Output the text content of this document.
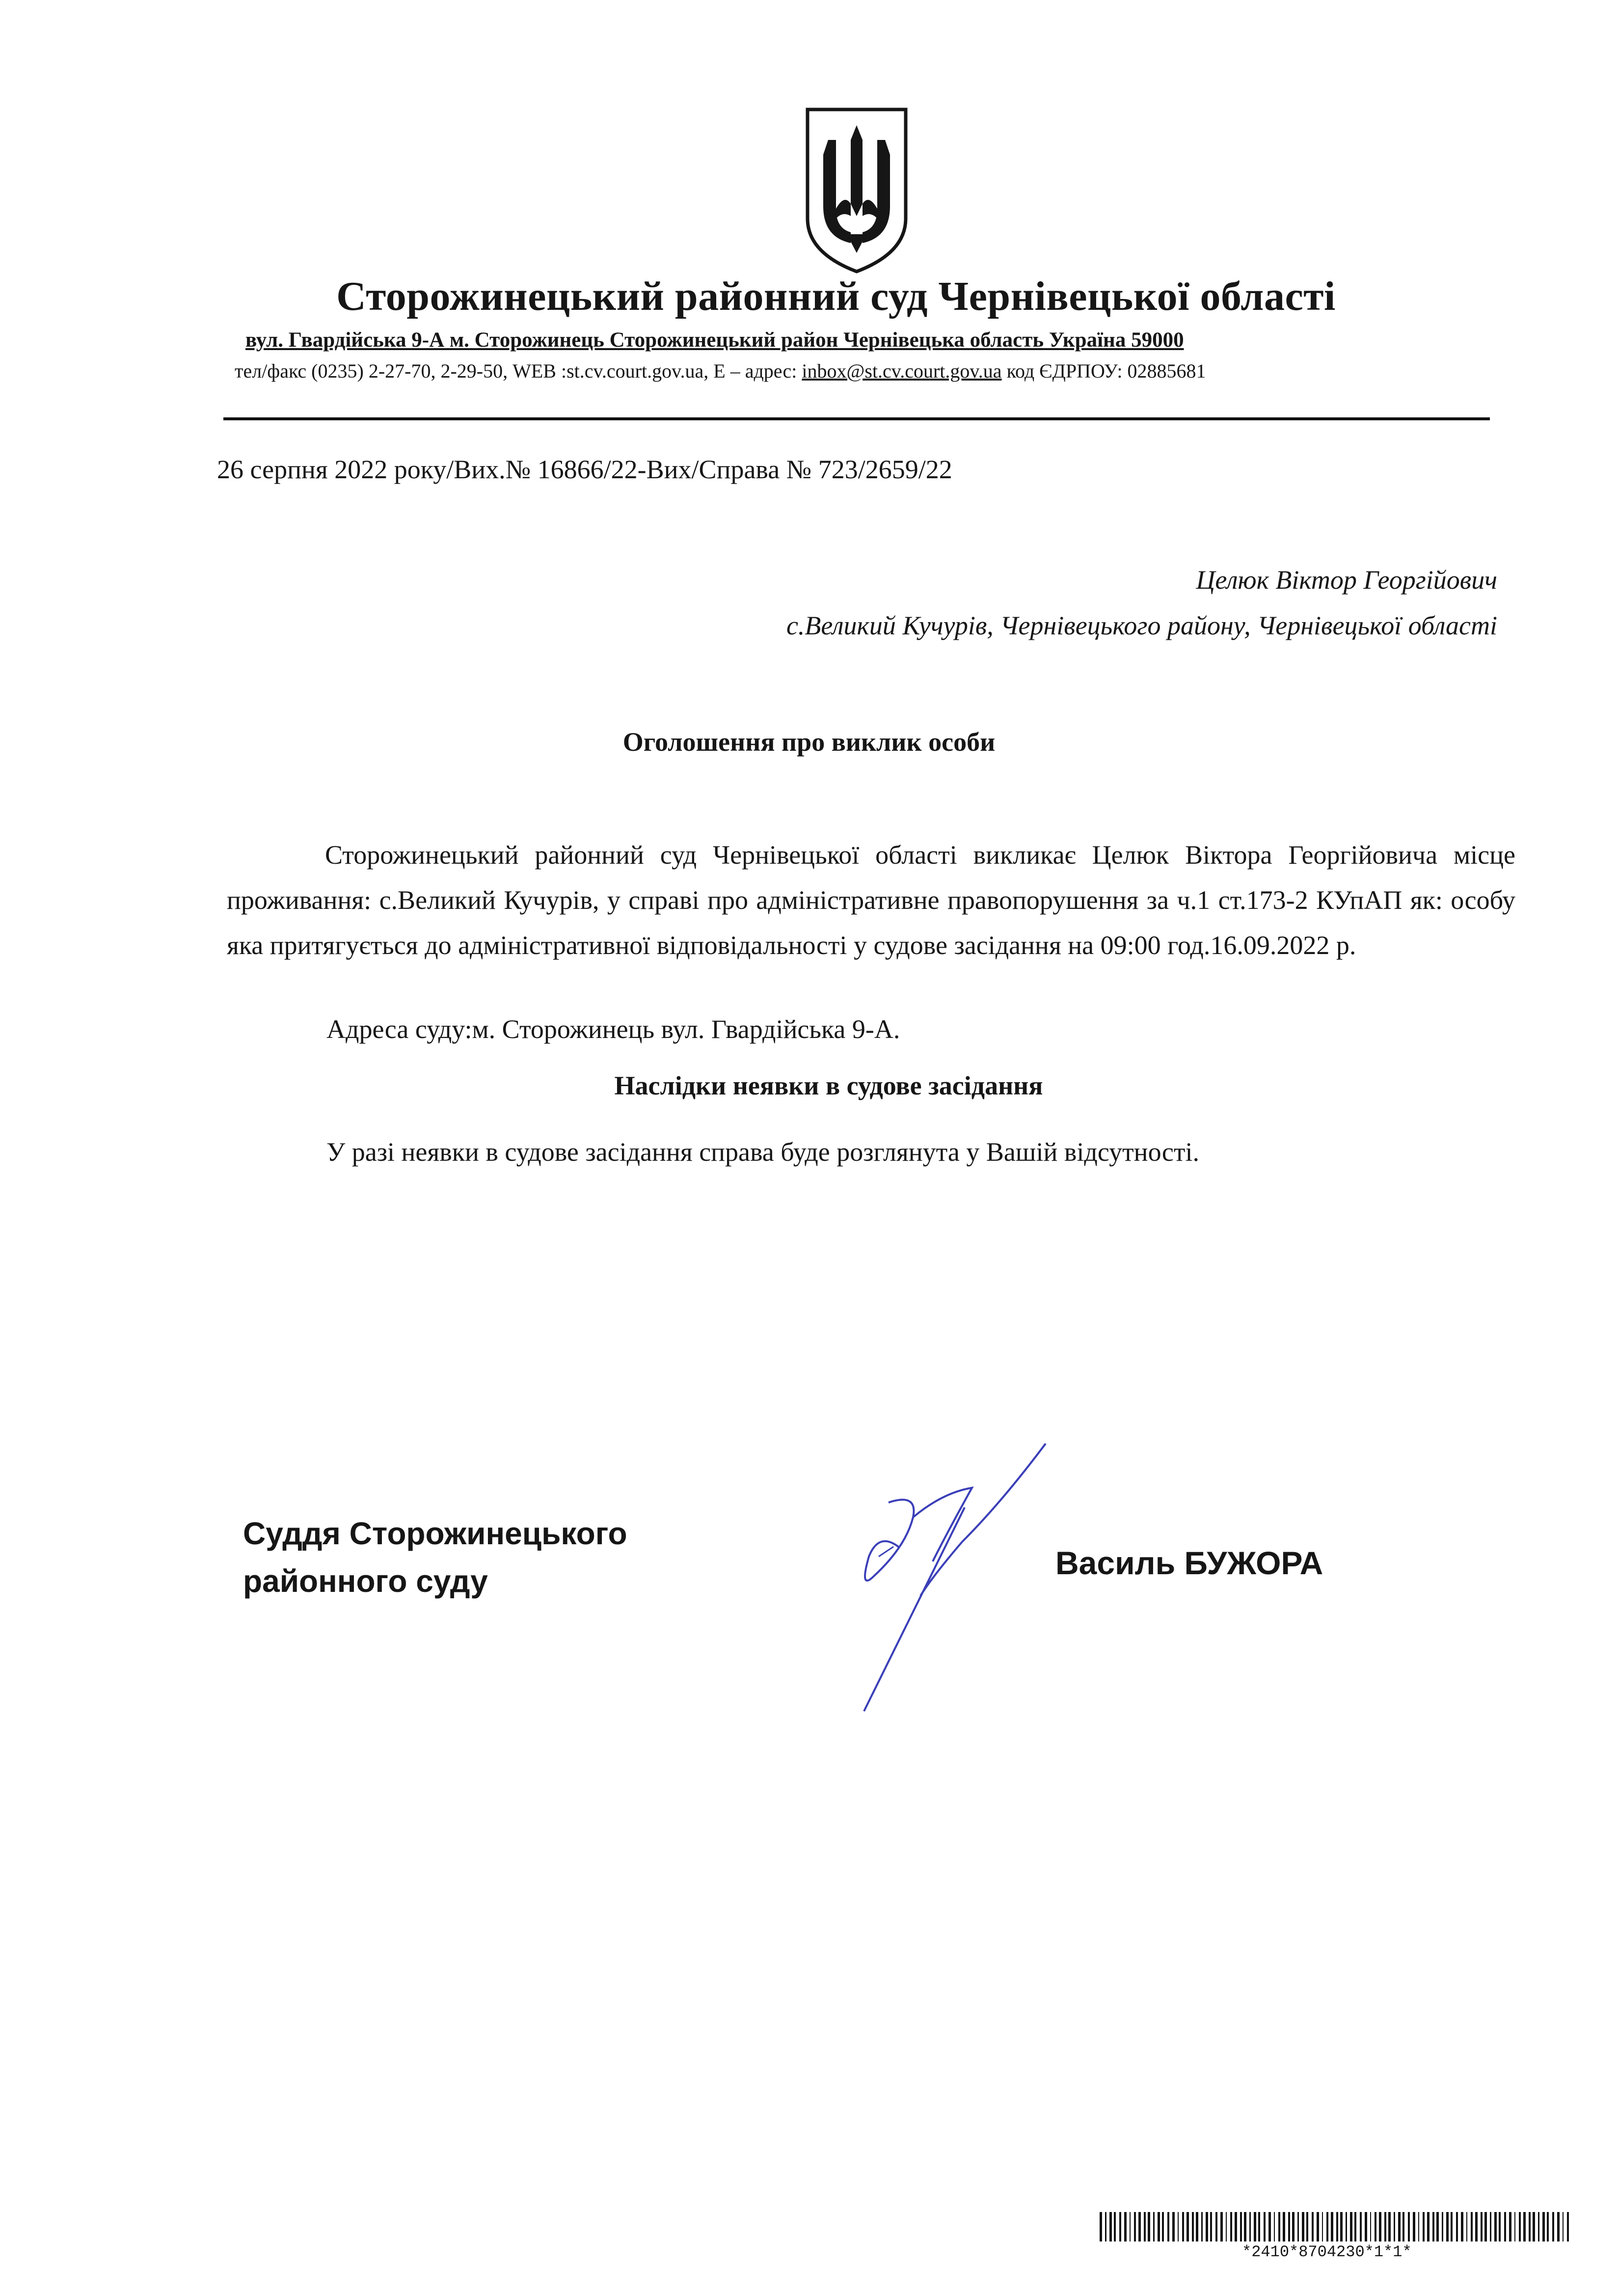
Сторожинецький районний суд Чернівецької області
вул. Гвардійська 9-А м. Сторожинець Сторожинецький район Чернівецька область Україна 59000
тел/факс (0235) 2-27-70, 2-29-50, WEB :st.cv.court.gov.ua, E – адрес: inbox@st.cv.court.gov.ua код ЄДРПОУ: 02885681
26 серпня 2022 року/Вих.№ 16866/22-Вих/Справа № 723/2659/22
Целюк Віктор Георгійович
с.Великий Кучурів, Чернівецького району, Чернівецької області
Оголошення про виклик особи
Сторожинецький районний суд Чернівецької області викликає Целюк Віктора Георгійовича місце проживання: с.Великий Кучурів, у справі про адміністративне правопорушення за ч.1 ст.173-2 КУпАП як: особу яка притягується до адміністративної відповідальності у судове засідання на 09:00 год.16.09.2022 р.
Адреса суду:м. Сторожинець вул. Гвардійська 9-А.
Наслідки неявки в судове засідання
У разі неявки в судове засідання справа буде розглянута у Вашій відсутності.
Суддя Сторожинецького
районного суду	Василь БУЖОРА
*2410*8704230*1*1*
